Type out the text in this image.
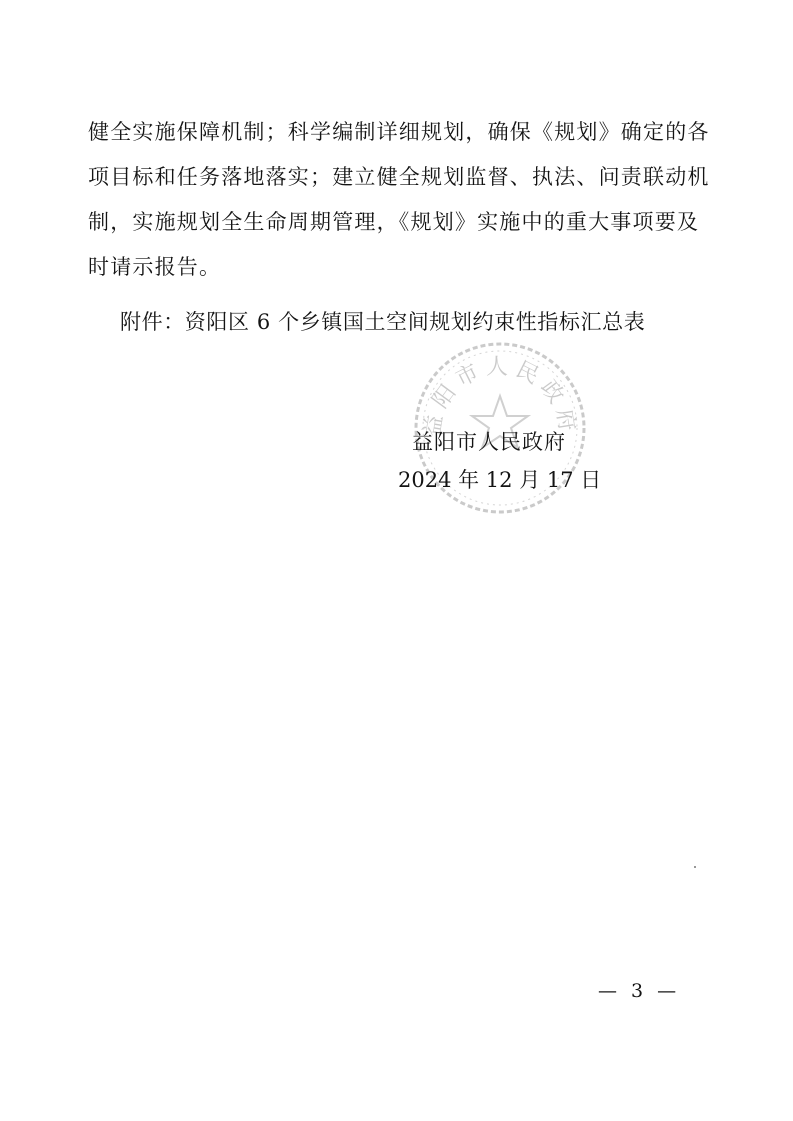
健全实施保障机制；科学编制详细规划，确保《规划》确定的各
项目标和任务落地落实；建立健全规划监督、执法、问责联动机
制，实施规划全生命周期管理，《规划》实施中的重大事项要及
时请示报告。
附件：资阳区 6 个乡镇国土空间规划约束性指标汇总表
益阳市人民政府
益阳市人民政府
2024 年 12 月 17 日
— 3 —
